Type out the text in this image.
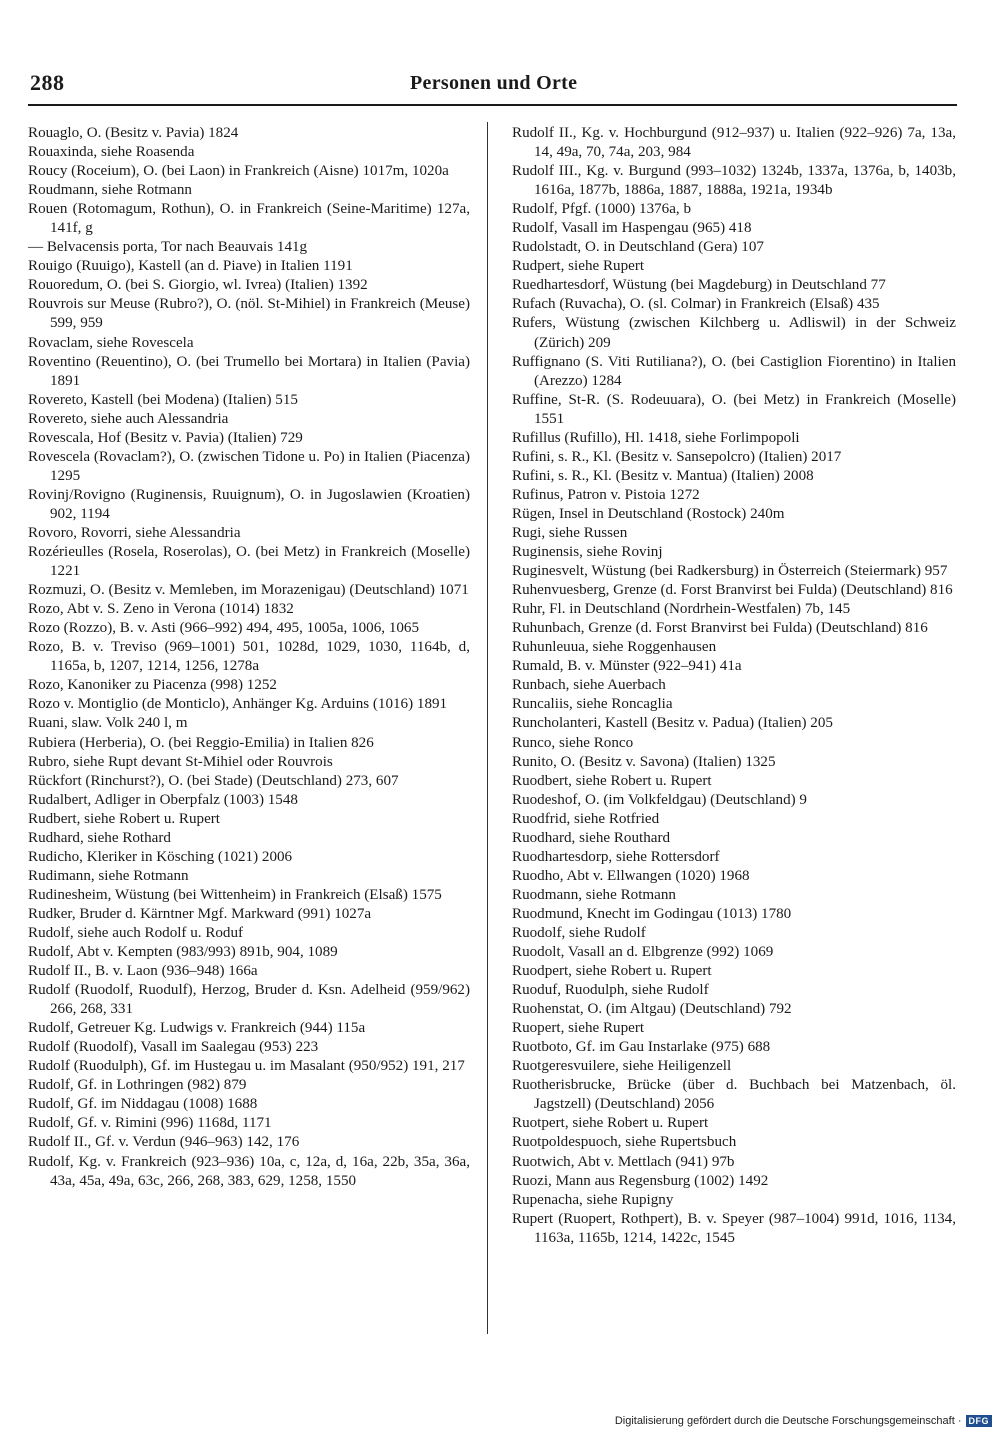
288	Personen und Orte

Rouaglo, O. (Besitz v. Pavia) 1824

Rouaxinda, siehe Roasenda

Roucy (Roceium), O. (bei Laon) in Frankreich (Aisne) 1017m, 1020a

Roudmann, siehe Rotmann

Rouen (Rotomagum, Rothun), O. in Frankreich (Seine-Maritime) 127a, 141f, g

— Belvacensis porta, Tor nach Beauvais 141g

Rouigo (Ruuigo), Kastell (an d. Piave) in Italien 1191

Rouoredum, O. (bei S. Giorgio, wl. Ivrea) (Italien) 1392

Rouvrois sur Meuse (Rubro?), O. (nöl. St-Mihiel) in Frankreich (Meuse) 599, 959

Rovaclam, siehe Rovescela

Roventino (Reuentino), O. (bei Trumello bei Mortara) in Italien (Pavia) 1891

Rovereto, Kastell (bei Modena) (Italien) 515

Rovereto, siehe auch Alessandria

Rovescala, Hof (Besitz v. Pavia) (Italien) 729

Rovescela (Rovaclam?), O. (zwischen Tidone u. Po) in Italien (Piacenza) 1295

Rovinj/Rovigno (Ruginensis, Ruuignum), O. in Jugoslawien (Kroatien) 902, 1194

Rovoro, Rovorri, siehe Alessandria

Rozérieulles (Rosela, Roserolas), O. (bei Metz) in Frankreich (Moselle) 1221

Rozmuzi, O. (Besitz v. Memleben, im Morazenigau) (Deutschland) 1071

Rozo, Abt v. S. Zeno in Verona (1014) 1832

Rozo (Rozzo), B. v. Asti (966–992) 494, 495, 1005a, 1006, 1065

Rozo, B. v. Treviso (969–1001) 501, 1028d, 1029, 1030, 1164b, d, 1165a, b, 1207, 1214, 1256, 1278a

Rozo, Kanoniker zu Piacenza (998) 1252

Rozo v. Montiglio (de Monticlo), Anhänger Kg. Arduins (1016) 1891

Ruani, slaw. Volk 240 l, m

Rubiera (Herberia), O. (bei Reggio-Emilia) in Italien 826

Rubro, siehe Rupt devant St-Mihiel oder Rouvrois

Rückfort (Rinchurst?), O. (bei Stade) (Deutschland) 273, 607

Rudalbert, Adliger in Oberpfalz (1003) 1548

Rudbert, siehe Robert u. Rupert

Rudhard, siehe Rothard

Rudicho, Kleriker in Kösching (1021) 2006

Rudimann, siehe Rotmann

Rudinesheim, Wüstung (bei Wittenheim) in Frankreich (Elsaß) 1575

Rudker, Bruder d. Kärntner Mgf. Markward (991) 1027a

Rudolf, siehe auch Rodolf u. Roduf

Rudolf, Abt v. Kempten (983/993) 891b, 904, 1089

Rudolf II., B. v. Laon (936–948) 166a

Rudolf (Ruodolf, Ruodulf), Herzog, Bruder d. Ksn. Adelheid (959/962) 266, 268, 331

Rudolf, Getreuer Kg. Ludwigs v. Frankreich (944) 115a

Rudolf (Ruodolf), Vasall im Saalegau (953) 223

Rudolf (Ruodulph), Gf. im Hustegau u. im Masalant (950/952) 191, 217

Rudolf, Gf. in Lothringen (982) 879

Rudolf, Gf. im Niddagau (1008) 1688

Rudolf, Gf. v. Rimini (996) 1168d, 1171

Rudolf II., Gf. v. Verdun (946–963) 142, 176

Rudolf, Kg. v. Frankreich (923–936) 10a, c, 12a, d, 16a, 22b, 35a, 36a, 43a, 45a, 49a, 63c, 266, 268, 383, 629, 1258, 1550

Rudolf II., Kg. v. Hochburgund (912–937) u. Italien (922–926) 7a, 13a, 14, 49a, 70, 74a, 203, 984

Rudolf III., Kg. v. Burgund (993–1032) 1324b, 1337a, 1376a, b, 1403b, 1616a, 1877b, 1886a, 1887, 1888a, 1921a, 1934b

Rudolf, Pfgf. (1000) 1376a, b

Rudolf, Vasall im Haspengau (965) 418

Rudolstadt, O. in Deutschland (Gera) 107

Rudpert, siehe Rupert

Ruedhartesdorf, Wüstung (bei Magdeburg) in Deutschland 77

Rufach (Ruvacha), O. (sl. Colmar) in Frankreich (Elsaß) 435

Rufers, Wüstung (zwischen Kilchberg u. Adliswil) in der Schweiz (Zürich) 209

Ruffignano (S. Viti Rutiliana?), O. (bei Castiglion Fiorentino) in Italien (Arezzo) 1284

Ruffine, St-R. (S. Rodeuuara), O. (bei Metz) in Frankreich (Moselle) 1551

Rufillus (Rufillo), Hl. 1418, siehe Forlimpopoli

Rufini, s. R., Kl. (Besitz v. Sansepolcro) (Italien) 2017

Rufini, s. R., Kl. (Besitz v. Mantua) (Italien) 2008

Rufinus, Patron v. Pistoia 1272

Rügen, Insel in Deutschland (Rostock) 240m

Rugi, siehe Russen

Ruginensis, siehe Rovinj

Ruginesvelt, Wüstung (bei Radkersburg) in Österreich (Steiermark) 957

Ruhenvuesberg, Grenze (d. Forst Branvirst bei Fulda) (Deutschland) 816

Ruhr, Fl. in Deutschland (Nordrhein-Westfalen) 7b, 145

Ruhunbach, Grenze (d. Forst Branvirst bei Fulda) (Deutschland) 816

Ruhunleuua, siehe Roggenhausen

Rumald, B. v. Münster (922–941) 41a

Runbach, siehe Auerbach

Runcaliis, siehe Roncaglia

Runcholanteri, Kastell (Besitz v. Padua) (Italien) 205

Runco, siehe Ronco

Runito, O. (Besitz v. Savona) (Italien) 1325

Ruodbert, siehe Robert u. Rupert

Ruodeshof, O. (im Volkfeldgau) (Deutschland) 9

Ruodfrid, siehe Rotfried

Ruodhard, siehe Routhard

Ruodhartesdorp, siehe Rottersdorf

Ruodho, Abt v. Ellwangen (1020) 1968

Ruodmann, siehe Rotmann

Ruodmund, Knecht im Godingau (1013) 1780

Ruodolf, siehe Rudolf

Ruodolt, Vasall an d. Elbgrenze (992) 1069

Ruodpert, siehe Robert u. Rupert

Ruoduf, Ruodulph, siehe Rudolf

Ruohenstat, O. (im Altgau) (Deutschland) 792

Ruopert, siehe Rupert

Ruotboto, Gf. im Gau Instarlake (975) 688

Ruotgeresvuilere, siehe Heiligenzell

Ruotherisbrucke, Brücke (über d. Buchbach bei Matzenbach, öl. Jagstzell) (Deutschland) 2056

Ruotpert, siehe Robert u. Rupert

Ruotpoldespuoch, siehe Rupertsbuch

Ruotwich, Abt v. Mettlach (941) 97b

Ruozi, Mann aus Regensburg (1002) 1492

Rupenacha, siehe Rupigny

Rupert (Ruopert, Rothpert), B. v. Speyer (987–1004) 991d, 1016, 1134, 1163a, 1165b, 1214, 1422c, 1545

Digitalisierung gefördert durch die Deutsche Forschungsgemeinschaft · DFG
